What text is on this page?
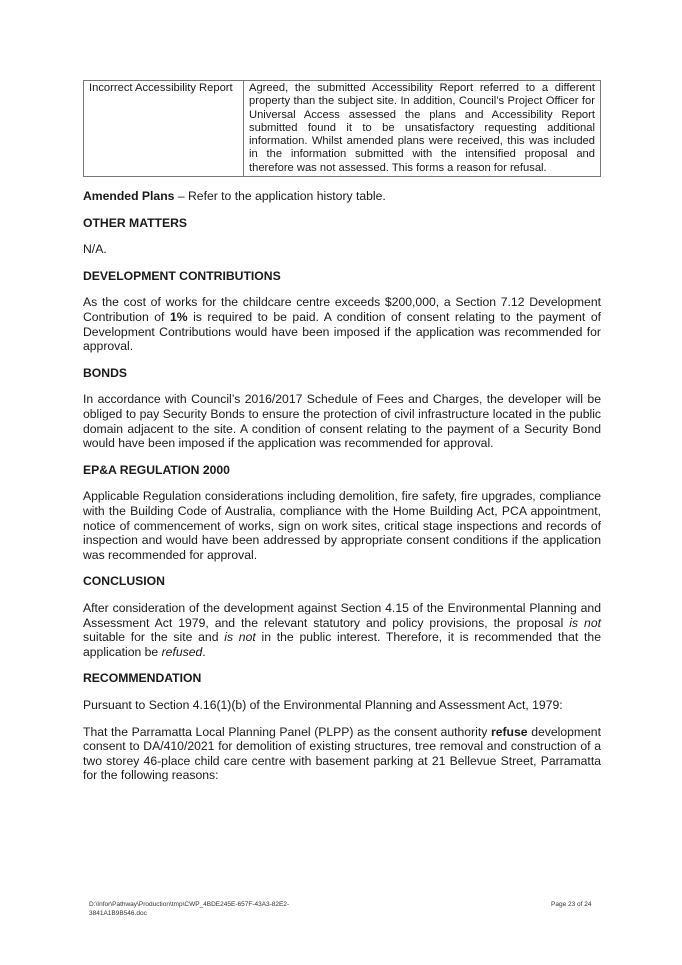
Incorrect Accessibility Report	Agreed, the submitted Accessibility Report referred to a different property than the subject site. In addition, Council’s Project Officer for Universal Access assessed the plans and Accessibility Report submitted found it to be unsatisfactory requesting additional information. Whilst amended plans were received, this was included in the information submitted with the intensified proposal and therefore was not assessed. This forms a reason for refusal.

Amended Plans – Refer to the application history table.

OTHER MATTERS

N/A.

DEVELOPMENT CONTRIBUTIONS

As the cost of works for the childcare centre exceeds $200,000, a Section 7.12 Development Contribution of 1% is required to be paid. A condition of consent relating to the payment of Development Contributions would have been imposed if the application was recommended for approval.

BONDS

In accordance with Council’s 2016/2017 Schedule of Fees and Charges, the developer will be obliged to pay Security Bonds to ensure the protection of civil infrastructure located in the public domain adjacent to the site. A condition of consent relating to the payment of a Security Bond would have been imposed if the application was recommended for approval.

EP&A REGULATION 2000

Applicable Regulation considerations including demolition, fire safety, fire upgrades, compliance with the Building Code of Australia, compliance with the Home Building Act, PCA appointment, notice of commencement of works, sign on work sites, critical stage inspections and records of inspection and would have been addressed by appropriate consent conditions if the application was recommended for approval.

CONCLUSION

After consideration of the development against Section 4.15 of the Environmental Planning and Assessment Act 1979, and the relevant statutory and policy provisions, the proposal is not suitable for the site and is not in the public interest. Therefore, it is recommended that the application be refused.

RECOMMENDATION

Pursuant to Section 4.16(1)(b) of the Environmental Planning and Assessment Act, 1979:

That the Parramatta Local Planning Panel (PLPP) as the consent authority refuse development consent to DA/410/2021 for demolition of existing structures, tree removal and construction of a two storey 46-place child care centre with basement parking at 21 Bellevue Street, Parramatta for the following reasons:

D:\Infor\Pathway\Production\tmp\CWP_4BDE245E-657F-43A3-82E2-
3841A1B9B546.doc
Page 23 of 24
